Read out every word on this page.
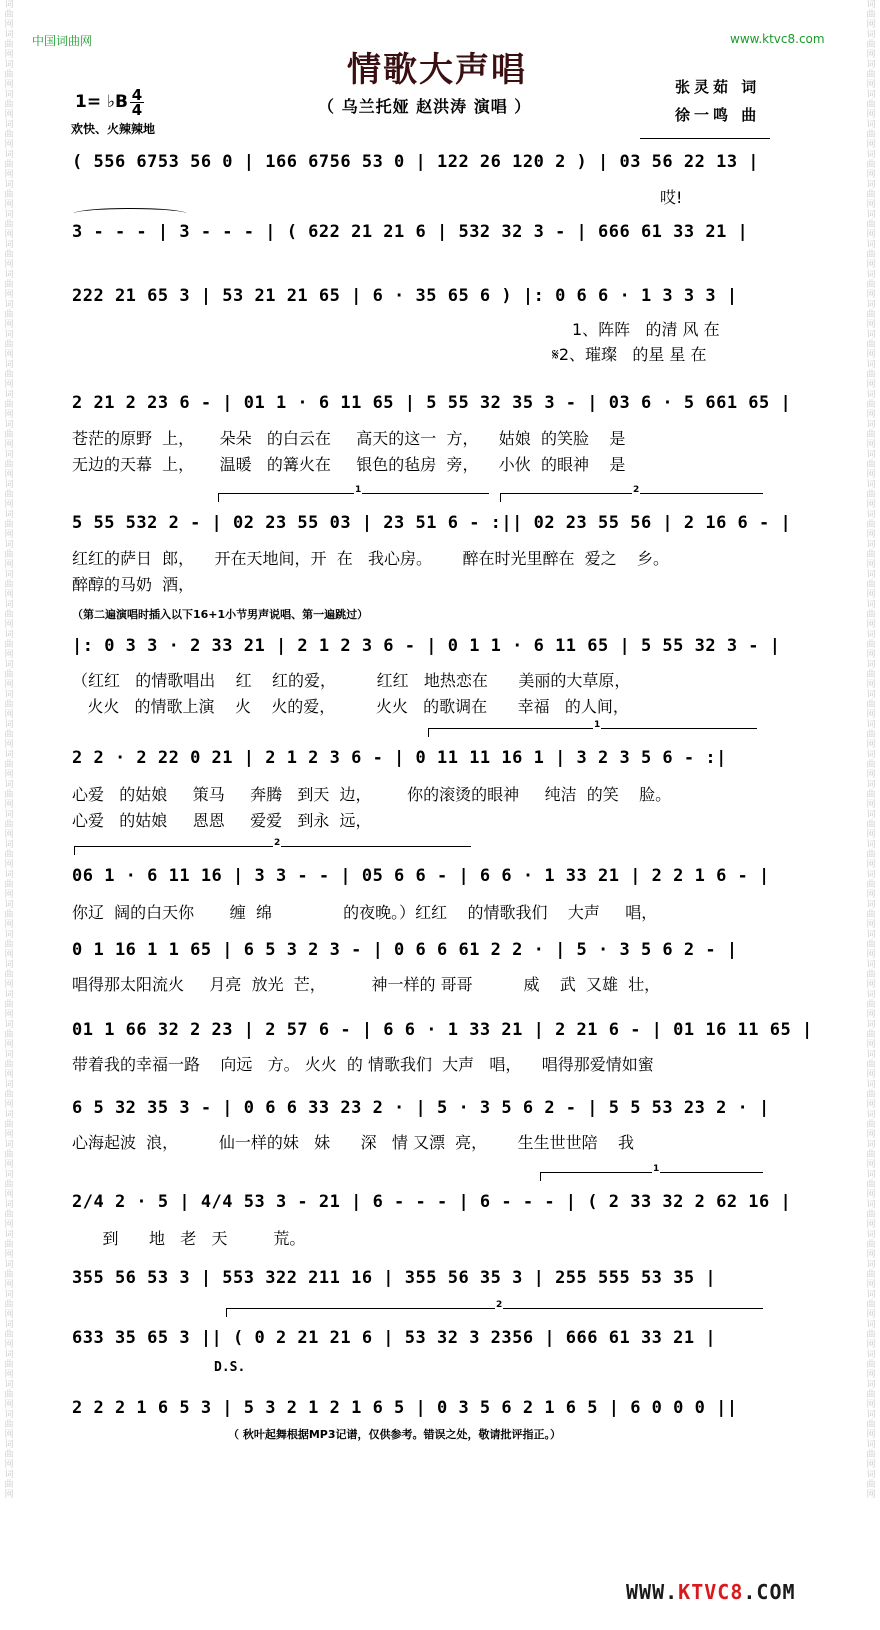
词曲网词曲网词曲网词曲网词曲网词曲网词曲网词曲网词曲网词曲网词曲网词曲网词曲网词曲网词曲网词曲网词曲网词曲网词曲网词曲网词曲网词曲网词曲网词曲网词曲网词曲网词曲网词曲网词曲网词曲网词曲网词曲网词曲网词曲网词曲网词曲网词曲网词曲网词曲网词曲网词曲网词曲网词曲网词曲网词曲网词曲网词曲网词曲网词曲网词曲网
词曲网词曲网词曲网词曲网词曲网词曲网词曲网词曲网词曲网词曲网词曲网词曲网词曲网词曲网词曲网词曲网词曲网词曲网词曲网词曲网词曲网词曲网词曲网词曲网词曲网词曲网词曲网词曲网词曲网词曲网词曲网词曲网词曲网词曲网词曲网词曲网词曲网词曲网词曲网词曲网词曲网词曲网词曲网词曲网词曲网词曲网词曲网词曲网词曲网词曲网
中国词曲网	www.ktvc8.com
情歌大声唱
（ 乌兰托娅 赵洪涛 演唱 ）
1= ♭B 4
4
欢快、火辣辣地
张灵茹 词
徐一鸣 曲
( 556 6753 56 0 | 166 6756 53 0 | 122 26 120 2 ) | 03 56 22 13 |
哎!
3 - - - | 3 - - - | ( 622 21 21 6 | 532 32 3 - | 666 61 33 21 |
222 21 65 3 | 53 21 21 65 | 6 · 35 65 6 ) |: 0 6 6 · 1 3 3 3 |
1、阵阵   的清 风 在
𝄋2、璀璨   的星 星 在
2 21 2 23 6 - | 01 1 · 6 11 65 | 5 55 32 35 3 - | 03 6 · 5 661 65 |
苍茫的原野  上，     朵朵   的白云在     高天的这一  方，    姑娘  的笑脸    是
无边的天幕  上，     温暖   的篝火在     银色的毡房  旁，    小伙  的眼神    是
1	2
5 55 532 2 - | 02 23 55 03 | 23 51 6 - :|| 02 23 55 56 | 2 16 6 - |
红红的萨日  郎，    开在天地间，开  在   我心房。      醉在时光里醉在  爱之    乡。
醉醇的马奶  酒，
（第二遍演唱时插入以下16+1小节男声说唱、第一遍跳过）
|: 0 3 3 · 2 33 21 | 2 1 2 3 6 - | 0 1 1 · 6 11 65 | 5 55 32 3 - |
（红红   的情歌唱出    红    红的爱，        红红   地热恋在      美丽的大草原，
火火   的情歌上演    火    火的爱，        火火   的歌调在      幸福   的人间，
1
2 2 · 2 22 0 21 | 2 1 2 3 6 - | 0 11 11 16 1 | 3 2 3 5 6 - :|
心爱   的姑娘     策马     奔腾   到天  边，       你的滚烫的眼神     纯洁  的笑    脸。
心爱   的姑娘     恩恩     爱爱   到永  远，
2
06 1 · 6 11 16 | 3 3 - - | 05 6 6 - | 6 6 · 1 33 21 | 2 2 1 6 - |
你辽  阔的白天你       缠  绵              的夜晚。）红红    的情歌我们    大声     唱，
0 1 16 1 1 65 | 6 5 3 2 3 - | 0 6 6 61 2 2 · | 5 · 3 5 6 2 - |
唱得那太阳流火     月亮  放光  芒，         神一样的 哥哥          威    武  又雄  壮，
01 1 66 32 2 23 | 2 57 6 - | 6 6 · 1 33 21 | 2 21 6 - | 01 16 11 65 |
带着我的幸福一路    向远   方。 火火  的 情歌我们  大声   唱，    唱得那爱情如蜜
6 5 32 35 3 - | 0 6 6 33 23 2 · | 5 · 3 5 6 2 - | 5 5 53 23 2 · |
心海起波  浪，        仙一样的妹   妹      深   情 又漂  亮，      生生世世陪    我
1
2/4 2 · 5 | 4/4 53 3 - 21 | 6 - - - | 6 - - - | ( 2 33 32 2 62 16 |
到      地   老   天         荒。
355 56 53 3 | 553 322 211 16 | 355 56 35 3 | 255 555 53 35 |
2
633 35 65 3 || ( 0 2 21 21 6 | 53 32 3 2356 | 666 61 33 21 |
D.S.
2 2 2 1 6 5 3 | 5 3 2 1 2 1 6 5 | 0 3 5 6 2 1 6 5 | 6 0 0 0 ||
（ 秋叶起舞根据MP3记谱，仅供参考。错误之处，敬请批评指正。）
WWW.KTVC8.COM
